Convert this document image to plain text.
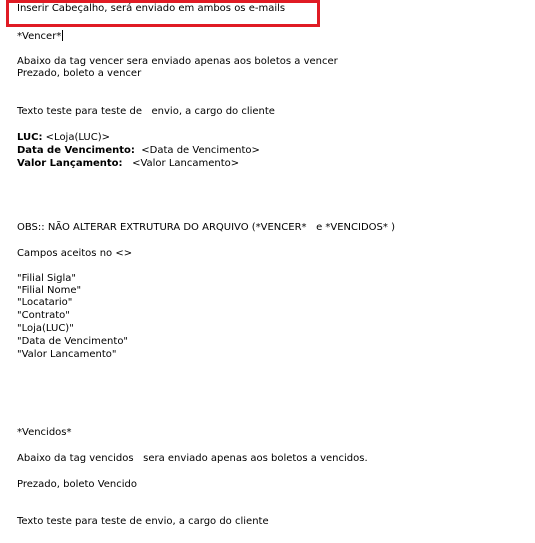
Inserir Cabeçalho, será enviado em ambos os e-mails
*Vencer*
Abaixo da tag vencer sera enviado apenas aos boletos a vencer
Prezado, boleto a vencer
Texto teste para teste de   envio, a cargo do cliente
LUC: <Loja(LUC)>
Data de Vencimento:  <Data de Vencimento>
Valor Lançamento:   <Valor Lancamento>
OBS:: NÃO ALTERAR EXTRUTURA DO ARQUIVO (*VENCER*   e *VENCIDOS* )
Campos aceitos no <>
"Filial Sigla"
"Filial Nome"
"Locatario"
"Contrato"
"Loja(LUC)"
"Data de Vencimento"
"Valor Lancamento"
*Vencidos*
Abaixo da tag vencidos   sera enviado apenas aos boletos a vencidos.
Prezado, boleto Vencido
Texto teste para teste de envio, a cargo do cliente
